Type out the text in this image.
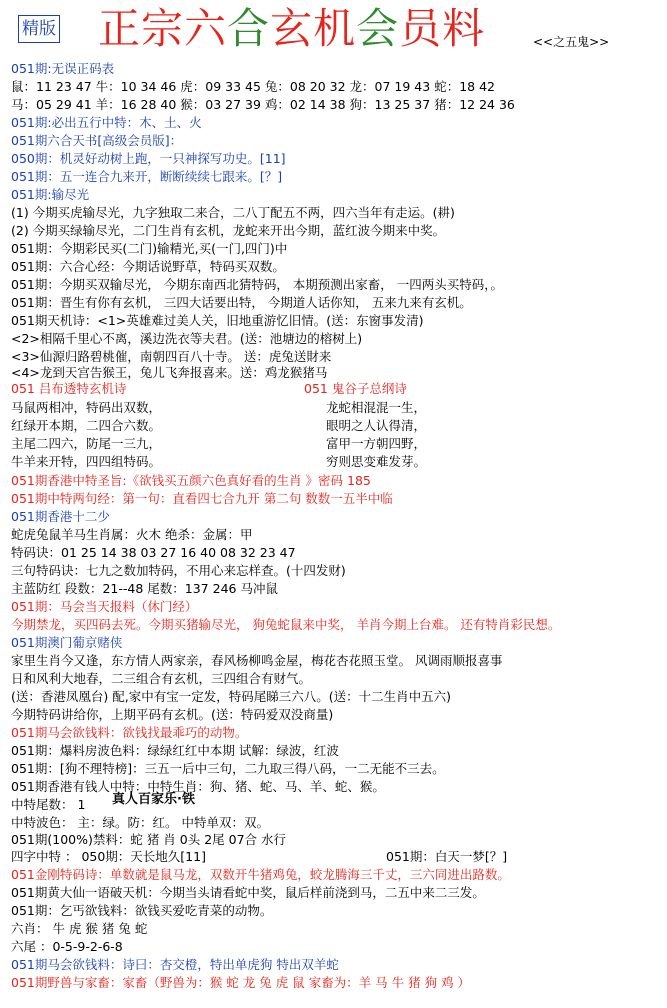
精版 正宗六合玄机会员料	<<之五鬼>>
051期:无误正码表
鼠：11 23 47 牛：10 34 46 虎：09 33 45 兔：08 20 32 龙：07 19 43 蛇：18 42
马：05 29 41 羊：16 28 40 猴：03 27 39 鸡：02 14 38 狗：13 25 37 猪：12 24 36
051期:必出五行中特：木、土、火
051期六合天书[高级会员版]：
050期：机灵好动树上跑，一只神探写功史。[11]
051期：五一连合九来开，断断续续七跟来。[？]
051期:输尽光
(1) 今期买虎输尽光，九字独取二来合，二八丁配五不两，四六当年有走运。(耕)
(2) 今期买绿输尽光，二门生肖有玄机，龙蛇来开出今期，蓝红波今期来中奖。
051期：今期彩民买(二门)输精光,买(一门,四门)中
051期：六合心经：今期话说野草，特码买双数。
051期：今期买双输尽光， 今期东南西北猜特码， 本期预测出家畜， 一四两头买特码，。
051期：晋生有你有玄机， 三四大话要出特， 今期道人话你知， 五来九来有玄机。
051期天机诗：<1>英雄难过美人关，旧地重游忆旧情。(送：东窗事发清)
<2>相隔千里心不离，溪边洗衣等夫君。(送：池塘边的榕树上)
<3>仙源归路碧桃催，南朝四百八十寺。 送：虎兔送財来
<4>龙到天宫告猴王，兔儿飞奔报喜来。送：鸡龙猴猪马
马鼠两相冲，特码出双数，
红绿开本期，二四合六数。
主尾二四六，防尾一三九，
牛羊来开特，四四组特码。
051期香港中特圣旨:《欲钱买五颜六色真好看的生肖 》密码 185
051期中特两句经：第一句：直看四七合九开 第二句 数数一五半中临
051期香港十二少
蛇虎兔鼠羊马生肖属：火木 绝杀：金属：甲
特码诀：01 25 14 38 03 27 16 40 08 32 23 47
三句特码诀：七九之数加特码，不用心来忘样查。(十四发财)
主蓝防红 段数：21--48 尾数：137 246 马冲鼠
051期：马会当天报料（休门经）
今期禁龙，买四码去死。今期买猪输尽光， 狗兔蛇鼠来中奖， 羊肖今期上台难。 还有特肖彩民想。
051期澳门葡京赌侠
家里生肖今又逢，东方情人两家亲，春风杨柳鸣金屋，梅花杏花照玉堂。 风调雨顺报喜事
日和风利大地春，二三组合有玄机，三四组合有财气。
(送：香港凤凰台) 配,家中有宝一定发，特码尾睇三六八。(送：十二生肖中五六)
今期特码讲给你，上期平码有玄机。(送：特码爱双没商量)
051期马会欲钱料：欲钱找最乖巧的动物。
051期：爆料房波色料：绿绿红红中本期 试解：绿波，红波
051期：[狗不理特榜]：三五一后中三句，二九取三得八码，一二无能不三去。
051期香港有钱人中特：中特生肖：狗、猪、蛇、马、羊、蛇、猴。
中特尾数： 1
中特波色： 主：绿。防：红。 中特单双：双。
051期(100%)禁料：蛇 猪 肖 0头 2尾 07合 水行
四字中特 ： 050期：天长地久[11]
051金刚特码诗：单数就是鼠马龙，双数开牛猪鸡兔，蛟龙腾海三千丈，三六同进出路数。
051期黄大仙一语破天机：今期当头请看蛇中奖，鼠后样前浇到马，二五中来二三发。
051期：乞丐欲钱料：欲钱买爱吃青菜的动物。
六肖： 牛 虎 猴 猪 兔 蛇
六尾 ：0-5-9-2-6-8
051期马会欲钱料：诗曰：杏交橙，特出单虎狗 特出双羊蛇
051期野兽与家畜：家畜（野兽为：猴 蛇 龙 兔 虎 鼠 家畜为：羊 马 牛 猪 狗 鸡 ）
051 吕布透特玄机诗	051 鬼谷子总纲诗
龙蛇相混混一生，
眼明之人认得清，
富甲一方朝四野，
穷则思变难发芽。
051期：白天一梦[？]
真人百家乐·铁
